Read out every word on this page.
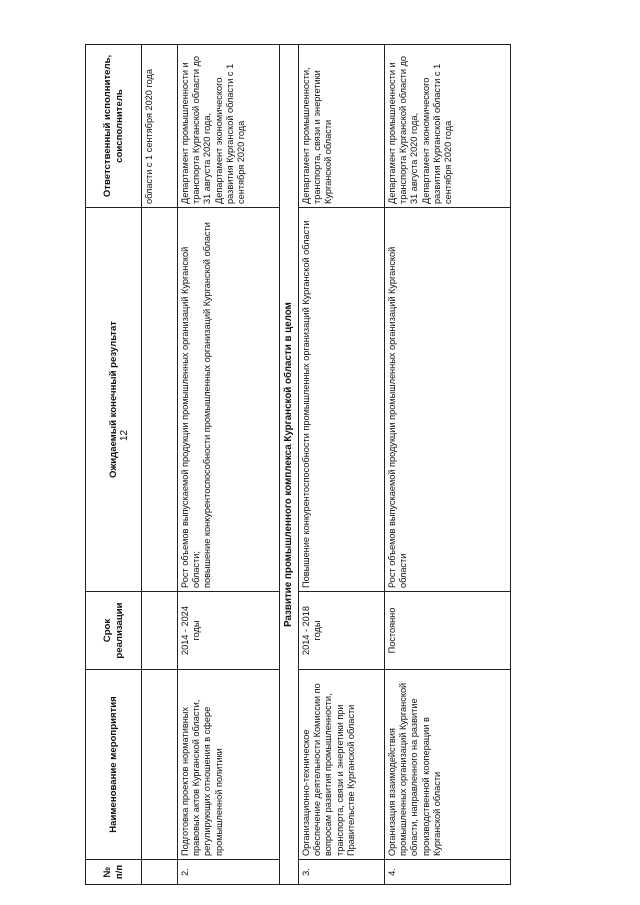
12
№ п/п	Наименование мероприятия	Срок реализации	Ожидаемый конечный результат	Ответственный исполнитель, соисполнитель
				области с 1 сентября 2020 года
2.	Подготовка проектов нормативных правовых актов Курганской области, регулирующих отношения в сфере промышленной политики	2014 - 2024 годы	Рост объемов выпускаемой продукции промышленных организаций Курганской области;
повышение конкурентоспособности промышленных организаций Курганской области	Департамент промышленности и транспорта Курганской области до 31 августа 2020 года,
Департамент экономического развития Курганской области с 1 сентября 2020 года
Развитие промышленного комплекса Курганской области в целом				
3.	Организационно-техническое обеспечение деятельности Комиссии по вопросам развития промышленности, транспорта, связи и энергетики при Правительстве Курганской области	2014 - 2018 годы	Повышение конкурентоспособности промышленных организаций Курганской области	Департамент промышленности, транспорта, связи и энергетики Курганской области
4.	Организация взаимодействия промышленных организаций Курганской области, направленного на развитие производственной кооперации в Курганской области	Постоянно	Рост объемов выпускаемой продукции промышленных организаций Курганской области	Департамент промышленности и транспорта Курганской области до 31 августа 2020 года,
Департамент экономического развития Курганской области с 1 сентября 2020 года
